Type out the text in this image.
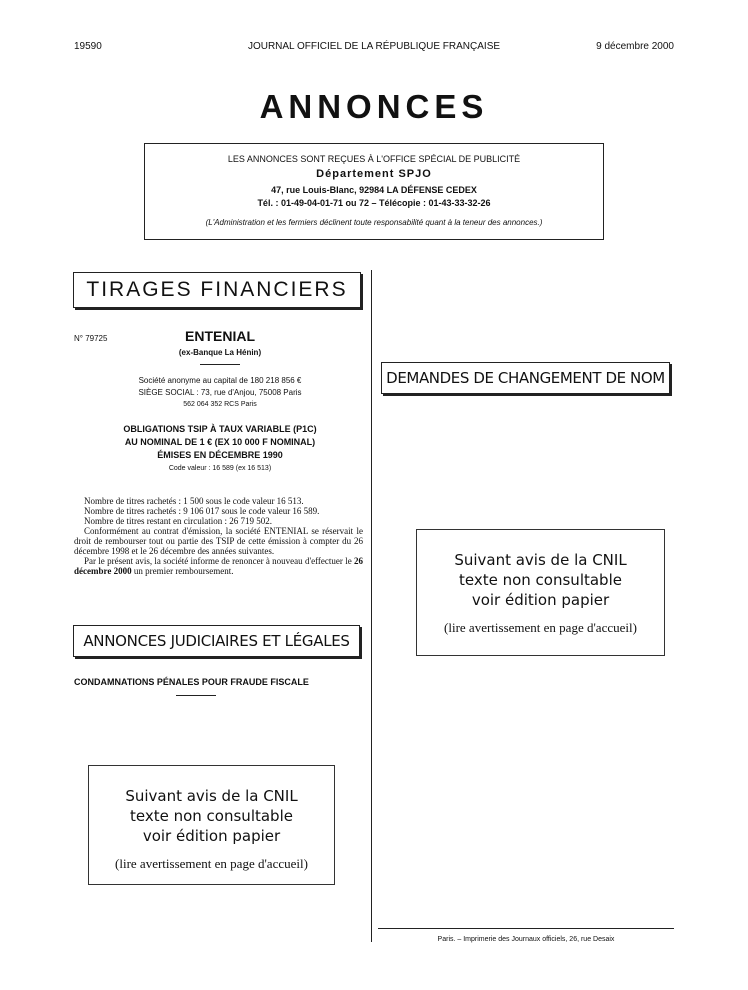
19590	JOURNAL OFFICIEL DE LA RÉPUBLIQUE FRANÇAISE	9 décembre 2000
ANNONCES
LES ANNONCES SONT REÇUES À L'OFFICE SPÉCIAL DE PUBLICITÉ
Département SPJO
47, rue Louis-Blanc, 92984 LA DÉFENSE CEDEX
Tél. : 01-49-04-01-71 ou 72 – Télécopie : 01-43-33-32-26
(L'Administration et les fermiers déclinent toute responsabilité quant à la teneur des annonces.)
TIRAGES FINANCIERS
N° 79725	ENTENIAL
(ex-Banque La Hénin)
Société anonyme au capital de 180 218 856 €
SIÈGE SOCIAL : 73, rue d'Anjou, 75008 Paris
562 064 352 RCS Paris
OBLIGATIONS TSIP À TAUX VARIABLE (P1C)
AU NOMINAL DE 1 € (EX 10 000 F NOMINAL)
ÉMISES EN DÉCEMBRE 1990
Code valeur : 16 589 (ex 16 513)

Nombre de titres rachetés : 1 500 sous le code valeur 16 513.

Nombre de titres rachetés : 9 106 017 sous le code valeur 16 589.

Nombre de titres restant en circulation : 26 719 502.

Conformément au contrat d'émission, la société ENTENIAL se réservait le droit de rembourser tout ou partie des TSIP de cette émission à compter du 26 décembre 1998 et le 26 décembre des années suivantes.

Par le présent avis, la société informe de renoncer à nouveau d'effectuer le 26 décembre 2000 un premier remboursement.

ANNONCES JUDICIAIRES ET LÉGALES
CONDAMNATIONS PÉNALES POUR FRAUDE FISCALE
Suivant avis de la CNIL
texte non consultable
voir édition papier
(lire avertissement en page d'accueil)
DEMANDES DE CHANGEMENT DE NOM
Suivant avis de la CNIL
texte non consultable
voir édition papier
(lire avertissement en page d'accueil)
Paris. – Imprimerie des Journaux officiels, 26, rue Desaix
